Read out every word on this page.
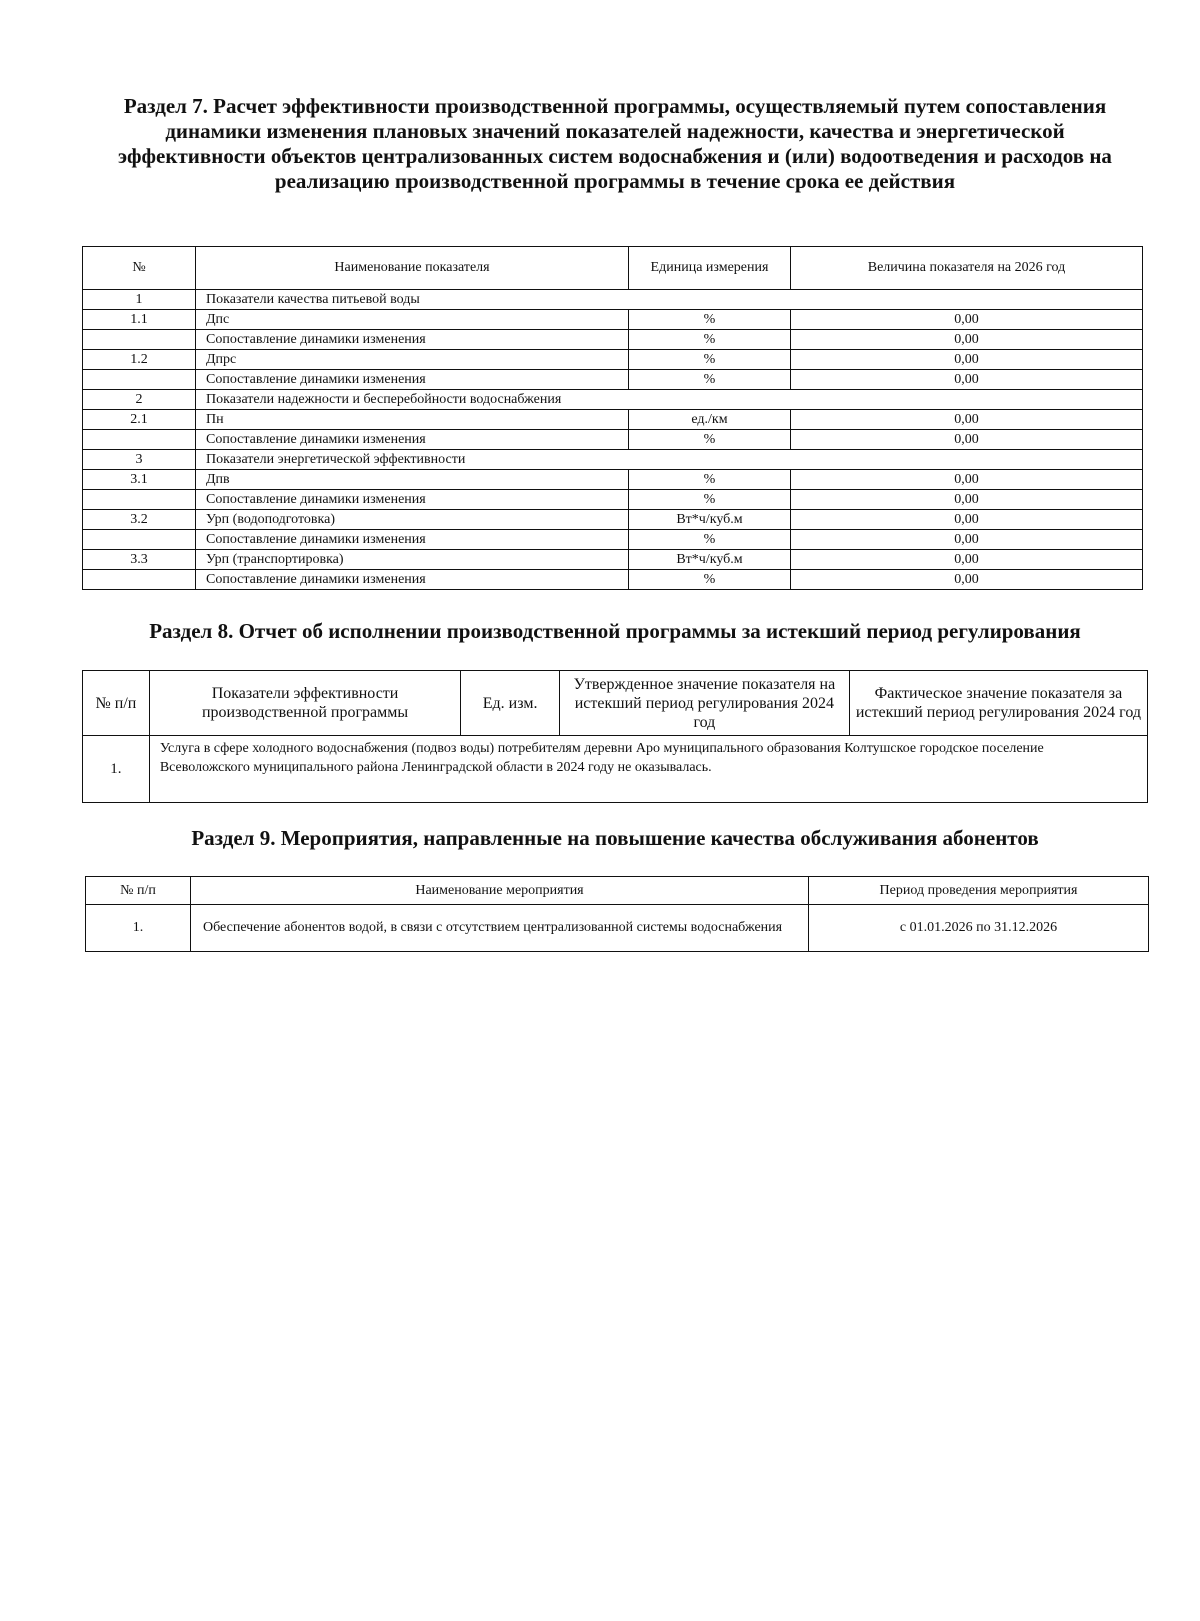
Раздел 7. Расчет эффективности производственной программы, осуществляемый путем сопоставления динамики изменения плановых значений показателей надежности, качества и энергетической эффективности объектов централизованных систем водоснабжения и (или) водоотведения и расходов на реализацию производственной программы в течение срока ее действия
№	Наименование показателя	Единица измерения	Величина показателя на 2026 год
1	Показатели качества питьевой воды		
1.1	Дпс	%	0,00
	Сопоставление динамики изменения	%	0,00
1.2	Дпрс	%	0,00
	Сопоставление динамики изменения	%	0,00
2	Показатели надежности и бесперебойности водоснабжения		
2.1	Пн	ед./км	0,00
	Сопоставление динамики изменения	%	0,00
3	Показатели энергетической эффективности		
3.1	Дпв	%	0,00
	Сопоставление динамики изменения	%	0,00
3.2	Урп (водоподготовка)	Вт*ч/куб.м	0,00
	Сопоставление динамики изменения	%	0,00
3.3	Урп (транспортировка)	Вт*ч/куб.м	0,00
	Сопоставление динамики изменения	%	0,00
Раздел 8. Отчет об исполнении производственной программы за истекший период регулирования
№ п/п	Показатели эффективности производственной программы	Ед. изм.	Утвержденное значение показателя на истекший период регулирования 2024 год	Фактическое значение показателя за истекший период регулирования 2024 год
1.	Услуга в сфере холодного водоснабжения (подвоз воды) потребителям деревни Аро муниципального образования Колтушское городское поселение Всеволожского муниципального района Ленинградской области в 2024 году не оказывалась.			
Раздел 9. Мероприятия, направленные на повышение качества обслуживания абонентов
№ п/п	Наименование мероприятия	Период проведения мероприятия
1.	Обеспечение абонентов водой, в связи с отсутствием централизованной системы водоснабжения	с 01.01.2026 по 31.12.2026
